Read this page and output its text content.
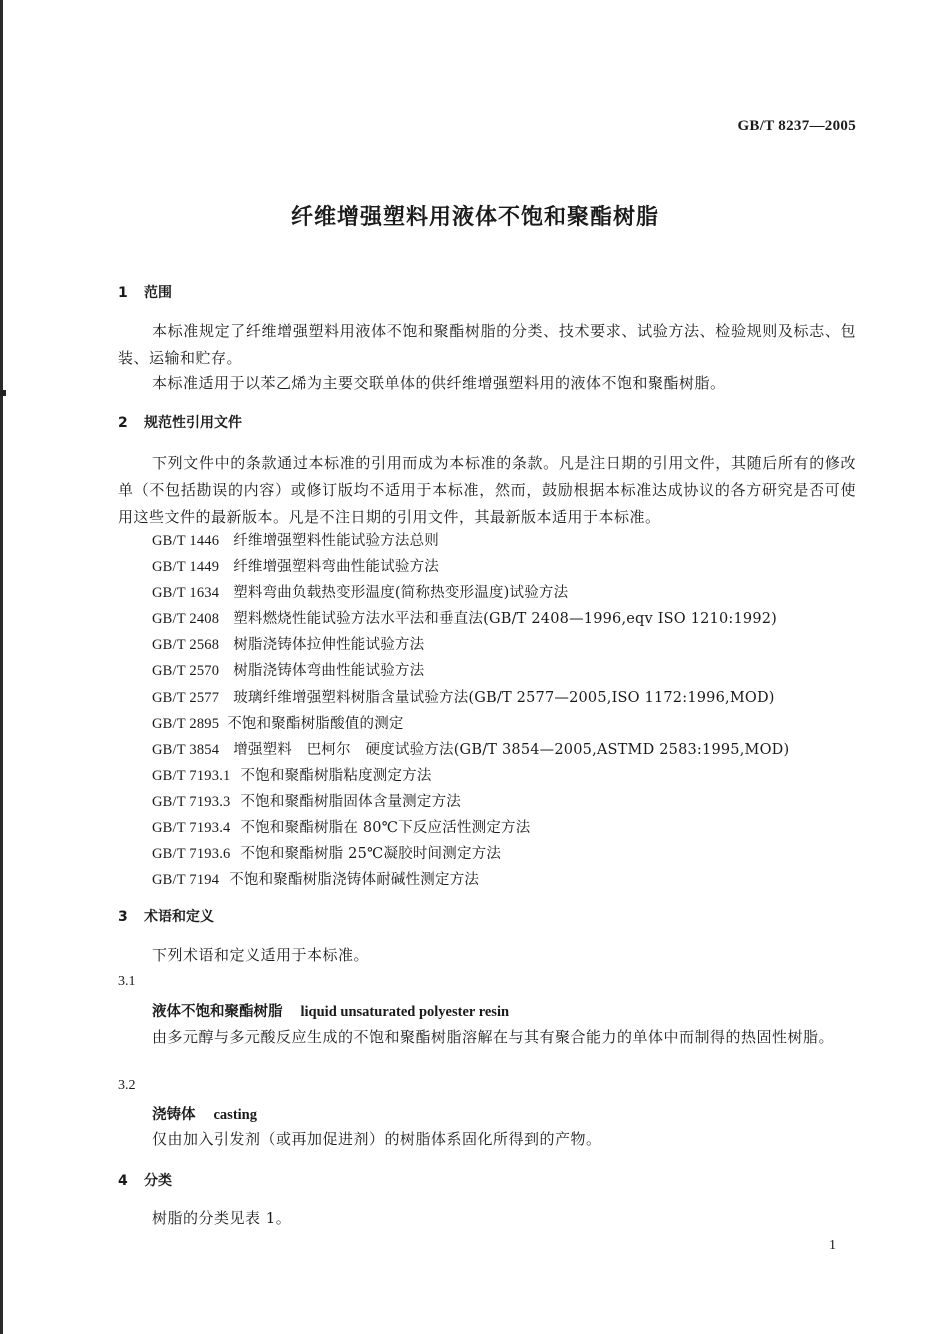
GB/T 8237—2005
纤维增强塑料用液体不饱和聚酯树脂
1 范围
本标准规定了纤维增强塑料用液体不饱和聚酯树脂的分类、技术要求、试验方法、检验规则及标志、包装、运输和贮存。
本标准适用于以苯乙烯为主要交联单体的供纤维增强塑料用的液体不饱和聚酯树脂。
2 规范性引用文件
下列文件中的条款通过本标准的引用而成为本标准的条款。凡是注日期的引用文件，其随后所有的修改单（不包括勘误的内容）或修订版均不适用于本标准，然而，鼓励根据本标准达成协议的各方研究是否可使用这些文件的最新版本。凡是不注日期的引用文件，其最新版本适用于本标准。
GB/T 1446 纤维增强塑料性能试验方法总则
GB/T 1449 纤维增强塑料弯曲性能试验方法
GB/T 1634 塑料弯曲负载热变形温度(简称热变形温度)试验方法
GB/T 2408 塑料燃烧性能试验方法水平法和垂直法(GB/T 2408—1996,eqv ISO 1210:1992)
GB/T 2568 树脂浇铸体拉伸性能试验方法
GB/T 2570 树脂浇铸体弯曲性能试验方法
GB/T 2577 玻璃纤维增强塑料树脂含量试验方法(GB/T 2577—2005,ISO 1172:1996,MOD)
GB/T 2895 不饱和聚酯树脂酸值的测定
GB/T 3854 增强塑料　巴柯尔　硬度试验方法(GB/T 3854—2005,ASTMD 2583:1995,MOD)
GB/T 7193.1 不饱和聚酯树脂粘度测定方法
GB/T 7193.3 不饱和聚酯树脂固体含量测定方法
GB/T 7193.4 不饱和聚酯树脂在 80℃下反应活性测定方法
GB/T 7193.6 不饱和聚酯树脂 25℃凝胶时间测定方法
GB/T 7194 不饱和聚酯树脂浇铸体耐碱性测定方法
3 术语和定义
下列术语和定义适用于本标准。
3.1
液体不饱和聚酯树脂 liquid unsaturated polyester resin
由多元醇与多元酸反应生成的不饱和聚酯树脂溶解在与其有聚合能力的单体中而制得的热固性树脂。
3.2
浇铸体 casting
仅由加入引发剂（或再加促进剂）的树脂体系固化所得到的产物。
4 分类
树脂的分类见表 1。
1
